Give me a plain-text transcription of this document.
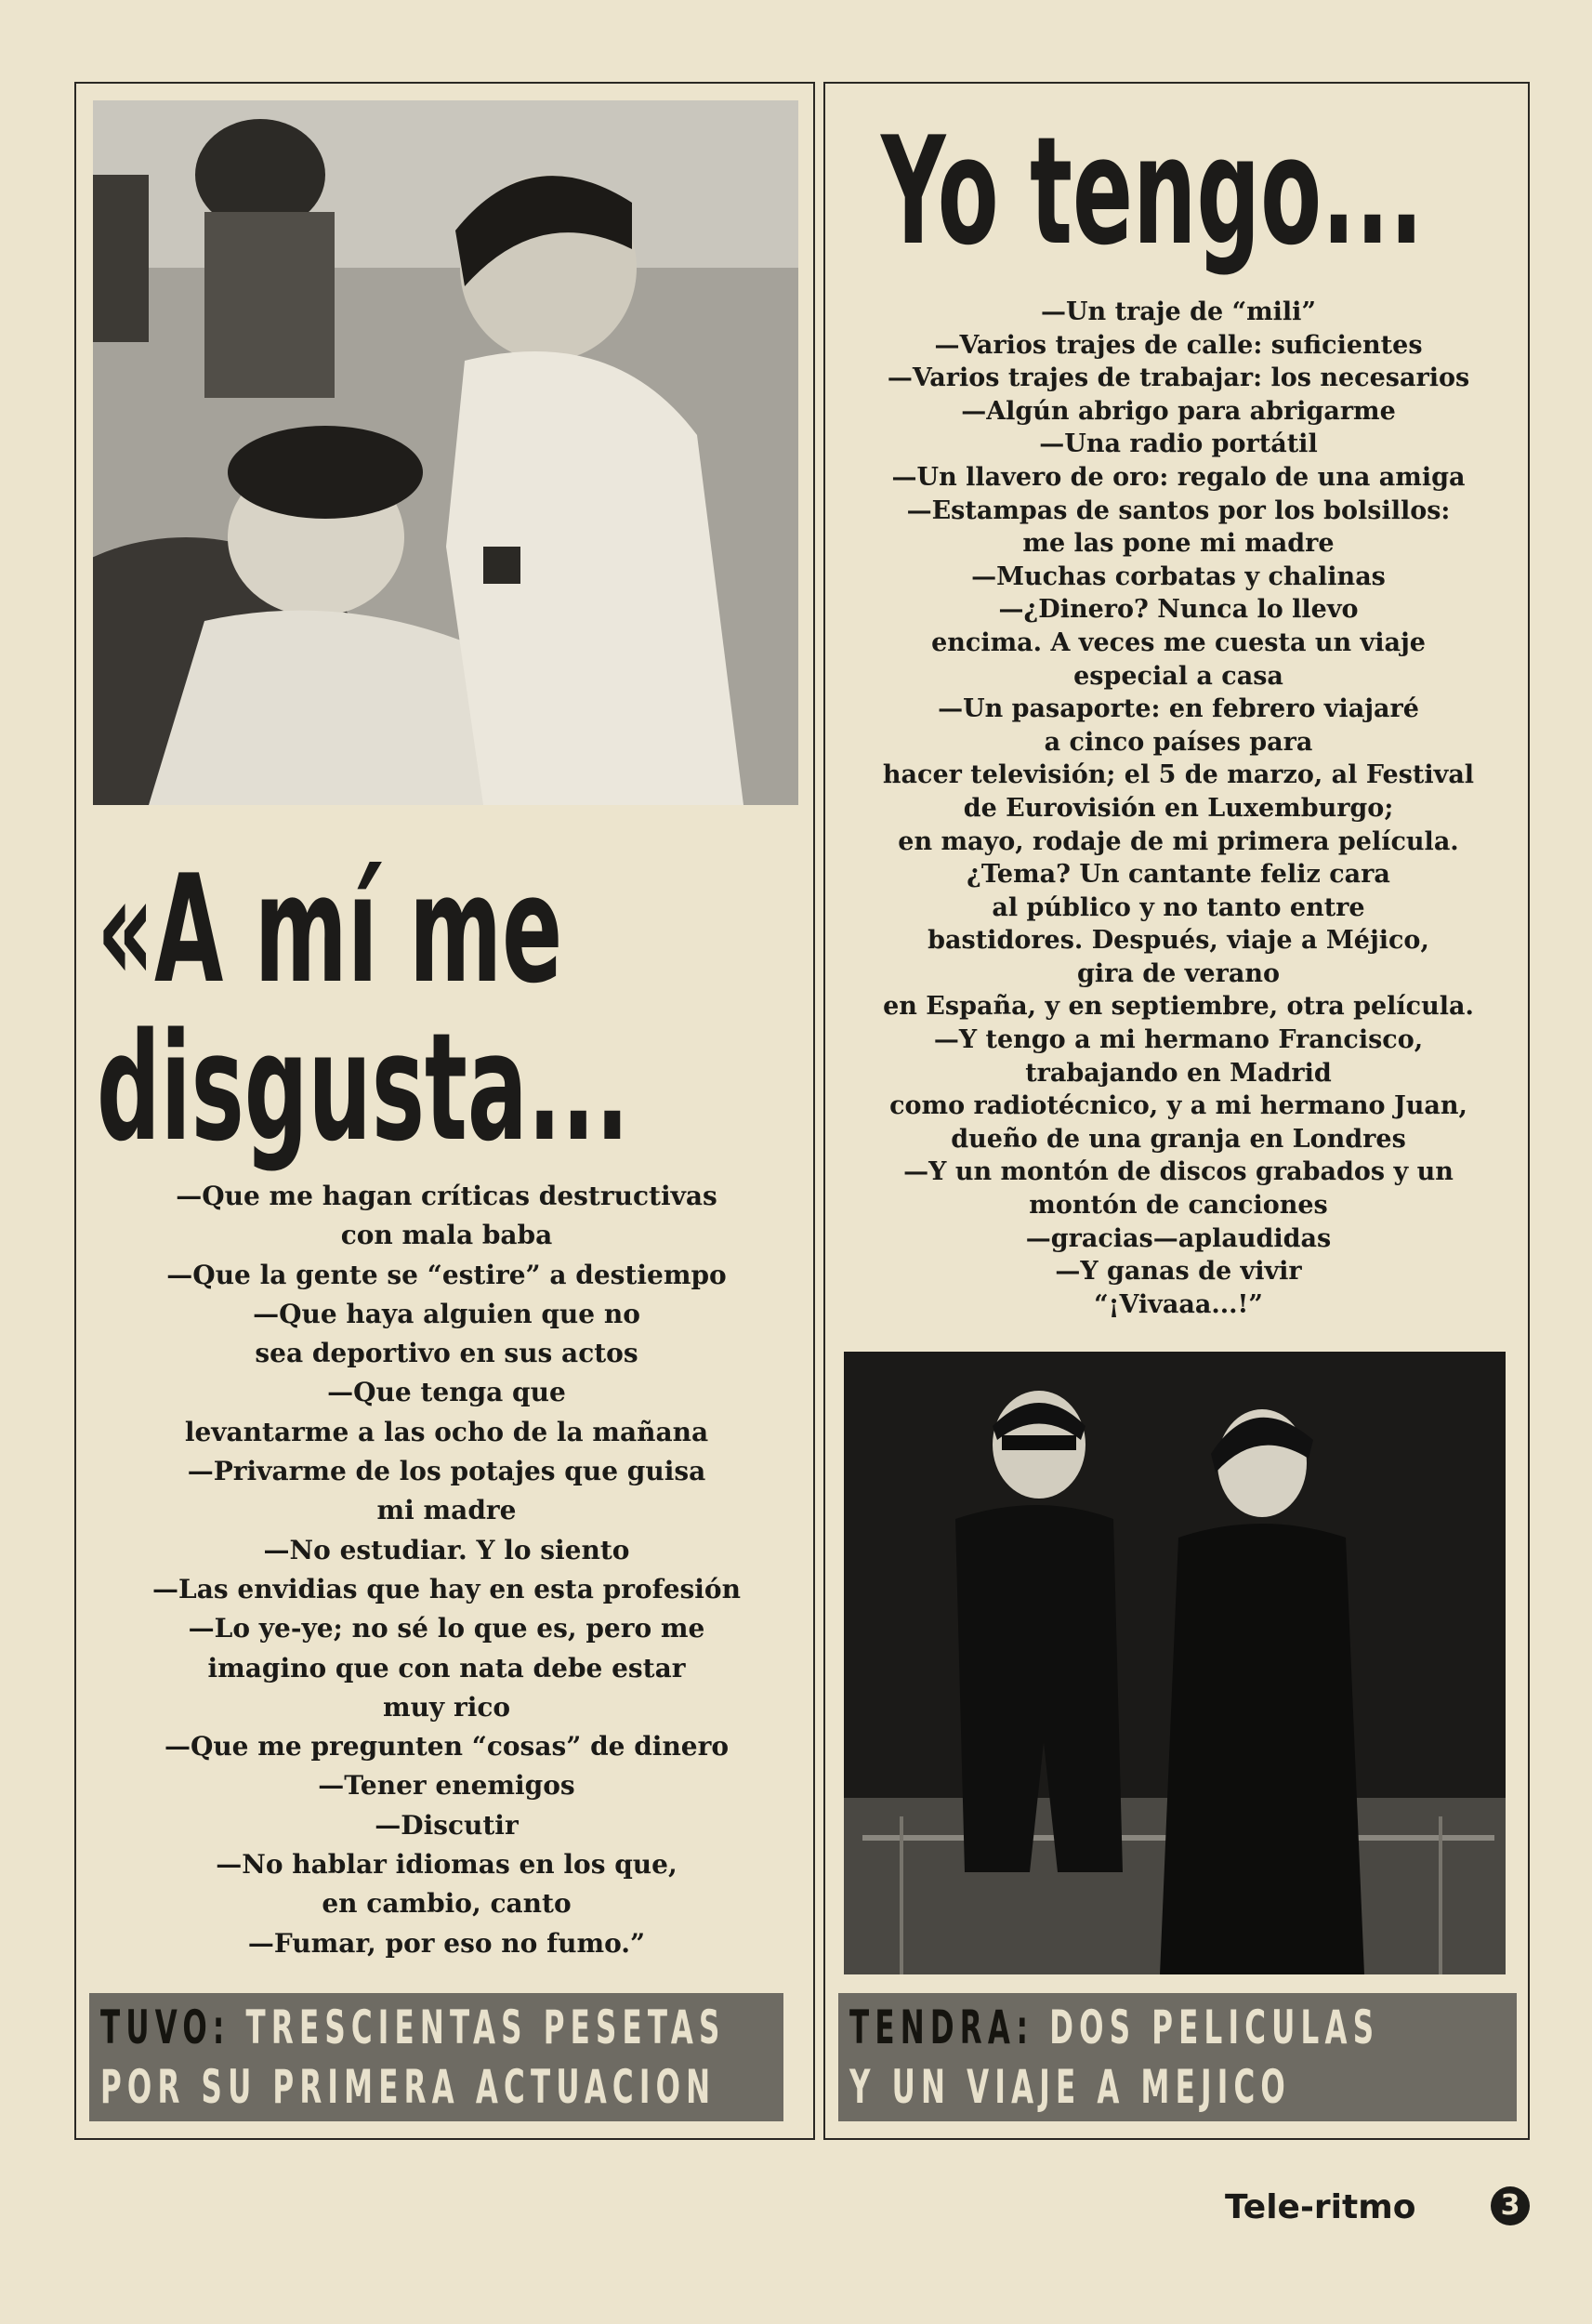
«A mí me
disgusta...
—Que me hagan críticas destructivas
con mala baba
—Que la gente se “estire” a destiempo
—Que haya alguien que no
sea deportivo en sus actos
—Que tenga que
levantarme a las ocho de la mañana
—Privarme de los potajes que guisa
mi madre
—No estudiar. Y lo siento
—Las envidias que hay en esta profesión
—Lo ye-ye; no sé lo que es, pero me
imagino que con nata debe estar
muy rico
—Que me pregunten “cosas” de dinero
—Tener enemigos
—Discutir
—No hablar idiomas en los que,
en cambio, canto
—Fumar, por eso no fumo.”
TUVO: TRESCIENTAS PESETAS
POR SU PRIMERA ACTUACION
Yo tengo...
—Un traje de “mili”
—Varios trajes de calle: suficientes
—Varios trajes de trabajar: los necesarios
—Algún abrigo para abrigarme
—Una radio portátil
—Un llavero de oro: regalo de una amiga
—Estampas de santos por los bolsillos:
me las pone mi madre
—Muchas corbatas y chalinas
—¿Dinero? Nunca lo llevo
encima. A veces me cuesta un viaje
especial a casa
—Un pasaporte: en febrero viajaré
a cinco países para
hacer televisión; el 5 de marzo, al Festival
de Eurovisión en Luxemburgo;
en mayo, rodaje de mi primera película.
¿Tema? Un cantante feliz cara
al público y no tanto entre
bastidores. Después, viaje a Méjico,
gira de verano
en España, y en septiembre, otra película.
—Y tengo a mi hermano Francisco,
trabajando en Madrid
como radiotécnico, y a mi hermano Juan,
dueño de una granja en Londres
—Y un montón de discos grabados y un
montón de canciones
—gracias—aplaudidas
—Y ganas de vivir
“¡Vivaaa...!”
TENDRA: DOS PELICULAS
Y UN VIAJE A MEJICO
Tele-ritmo	3
